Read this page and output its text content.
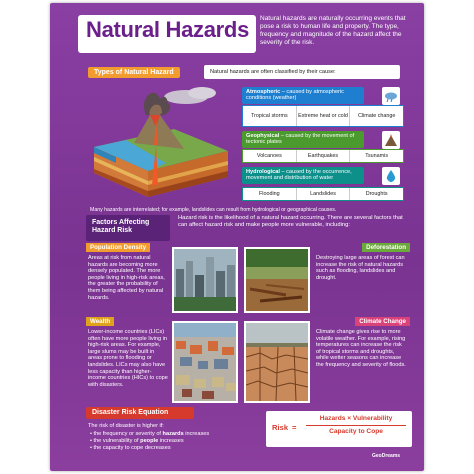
Natural Hazards Natural hazards are naturally occurring events that pose a risk to human life and property. The type, frequency and magnitude of the hazard affect the severity of the risk.
Types of Natural Hazard	Natural hazards are often classified by their cause:
Atmospheric – caused by atmospheric conditions (weather)
Tropical storms	Extreme heat or cold	Climate change
Geophysical – caused by the movement of tectonic plates
Volcanoes	Earthquakes	Tsunamis
Hydrological – caused by the occurrence, movement and distribution of water
Flooding	Landslides	Droughts
Many hazards are interrelated; for example, landslides can result from hydrological or geographical causes.
Factors Affecting Hazard Risk
Hazard risk is the likelihood of a natural hazard occurring. There are several factors that can affect hazard risk and make people more vulnerable, including:
Population Density
Areas at risk from natural hazards are becoming more densely populated. The more people living in high-risk areas, the greater the probability of them being affected by natural hazards.
Deforestation
Destroying large areas of forest can increase the risk of natural hazards such as flooding, landslides and drought.
Wealth
Lower-income countries (LICs) often have more people living in high-risk areas. For example, large slums may be built in areas prone to flooding or landslides. LICs may also have less capacity than higher-income countries (HICs) to cope with disasters.
Climate Change
Climate change gives rise to more volatile weather. For example, rising temperatures can increase the risk of tropical storms and droughts, while wetter seasons can increase the frequency and severity of floods.
Disaster Risk Equation
The risk of disaster is higher if:
• the frequency or severity of hazards increases
• the vulnerability of people increases
• the capacity to cope decreases
Risk =
Hazards × Vulnerability
Capacity to Cope
GeoDreams
